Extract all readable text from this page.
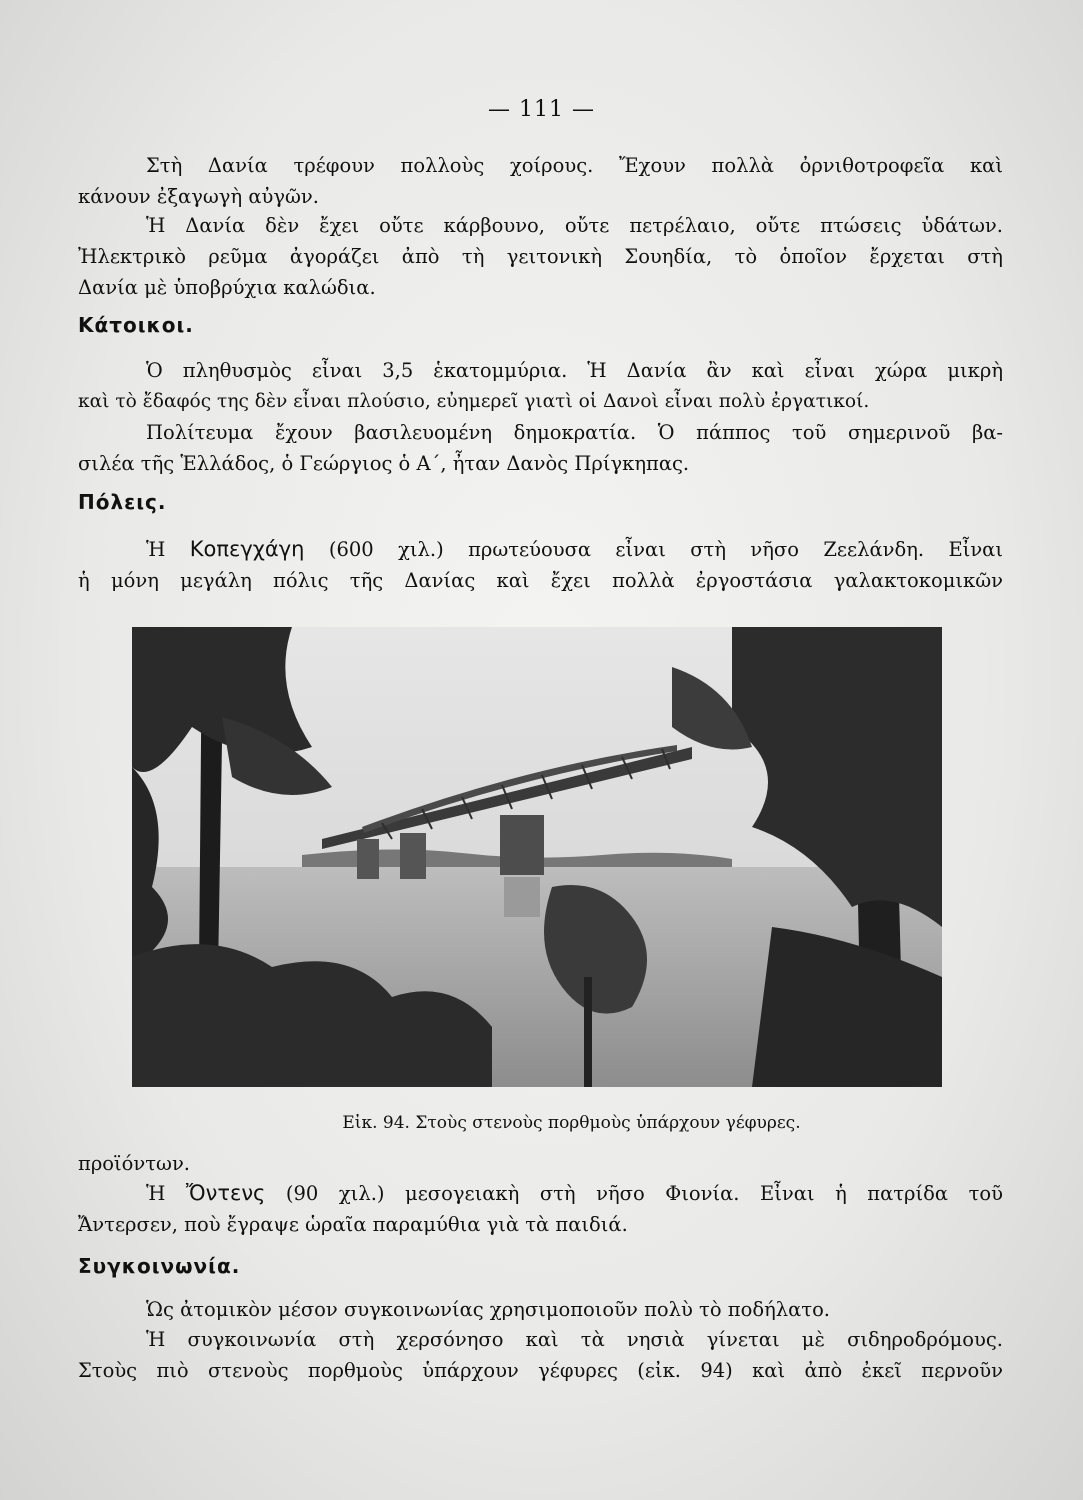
— 111 —

Στὴ Δανία τρέφουν πολλοὺς χοίρους. Ἔχουν πολλὰ ὀρνιθοτροφεῖα καὶ
κάνουν ἐξαγωγὴ αὐγῶν.

Ἡ Δανία δὲν ἔχει οὔτε κάρβουνο, οὔτε πετρέλαιο, οὔτε πτώσεις ὑδάτων.
Ἠλεκτρικὸ ρεῦμα ἀγοράζει ἀπὸ τὴ γειτονικὴ Σουηδία, τὸ ὁποῖον ἔρχεται στὴ
Δανία μὲ ὑποβρύχια καλώδια.

Κάτοικοι.

Ὁ πληθυσμὸς εἶναι 3,5 ἑκατομμύρια. Ἡ Δανία ἂν καὶ εἶναι χώρα μικρὴ
καὶ τὸ ἔδαφός της δὲν εἶναι πλούσιο, εὐημερεῖ γιατὶ οἱ Δανοὶ εἶναι πολὺ ἐργατικοί.

Πολίτευμα ἔχουν βασιλευομένη δημοκρατία. Ὁ πάππος τοῦ σημερινοῦ βα-
σιλέα τῆς Ἑλλάδος, ὁ Γεώργιος ὁ Α΄, ἦταν Δανὸς Πρίγκηπας.

Πόλεις.

Ἡ Κοπεγχάγη (600 χιλ.) πρωτεύουσα εἶναι στὴ νῆσο Ζεελάνδη. Εἶναι
ἡ μόνη μεγάλη πόλις τῆς Δανίας καὶ ἔχει πολλὰ ἐργοστάσια γαλακτοκομικῶν

Εἰκ. 94. Στοὺς στενοὺς πορθμοὺς ὑπάρχουν γέφυρες.

προϊόντων.

Ἡ Ὄντενς (90 χιλ.) μεσογειακὴ στὴ νῆσο Φιονία. Εἶναι ἡ πατρίδα τοῦ
Ἄντερσεν, ποὺ ἔγραψε ὡραῖα παραμύθια γιὰ τὰ παιδιά.

Συγκοινωνία.

Ὡς ἀτομικὸν μέσον συγκοινωνίας χρησιμοποιοῦν πολὺ τὸ ποδήλατο.

Ἡ συγκοινωνία στὴ χερσόνησο καὶ τὰ νησιὰ γίνεται μὲ σιδηροδρόμους.
Στοὺς πιὸ στενοὺς πορθμοὺς ὑπάρχουν γέφυρες (εἰκ. 94) καὶ ἀπὸ ἐκεῖ περνοῦν
